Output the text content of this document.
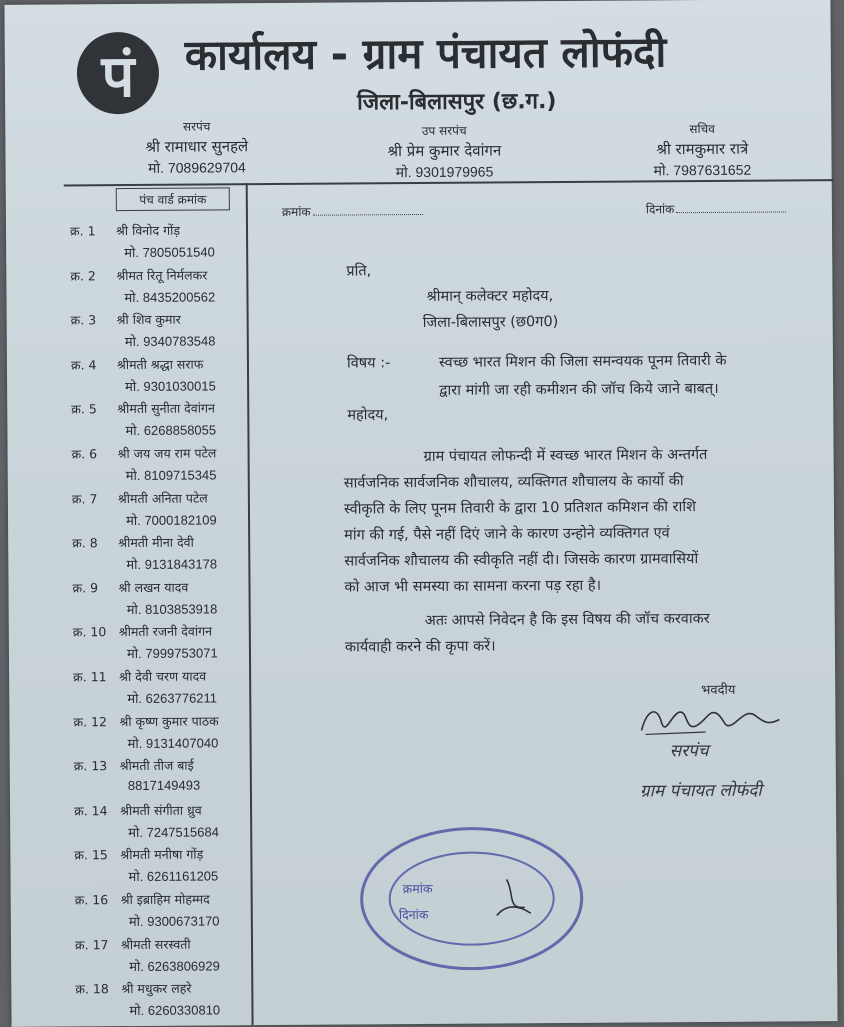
पं कार्यालय - ग्राम पंचायत लोफंदी
जिला-बिलासपुर (छ.ग.)
सरपंच
श्री रामाधार सुनहले
मो. 7089629704
उप सरपंच
श्री प्रेम कुमार देवांगन
मो. 9301979965
सचिव
श्री रामकुमार रात्रे
मो. 7987631652
पंच वार्ड क्रमांक
क्र. 1 श्री विनोद गोंड़
मो. 7805051540
क्र. 2 श्रीमत रितू निर्मलकर
मो. 8435200562
क्र. 3 श्री शिव कुमार
मो. 9340783548
क्र. 4 श्रीमती श्रद्धा सराफ
मो. 9301030015
क्र. 5 श्रीमती सुनीता देवांगन
मो. 6268858055
क्र. 6 श्री जय जय राम पटेल
मो. 8109715345
क्र. 7 श्रीमती अनिता पटेल
मो. 7000182109
क्र. 8 श्रीमती मीना देवी
मो. 9131843178
क्र. 9 श्री लखन यादव
मो. 8103853918
क्र. 10 श्रीमती रजनी देवांगन
मो. 7999753071
क्र. 11 श्री देवी चरण यादव
मो. 6263776211
क्र. 12 श्री कृष्ण कुमार पाठक
मो. 9131407040
क्र. 13 श्रीमती तीज बाई
8817149493
क्र. 14 श्रीमती संगीता ध्रुव
मो. 7247515684
क्र. 15 श्रीमती मनीषा गोंड़
मो. 6261161205
क्र. 16 श्री इब्राहिम मोहम्मद
मो. 9300673170
क्र. 17 श्रीमती सरस्वती
मो. 6263806929
क्र. 18 श्री मधुकर लहरे
मो. 6260330810
क्रमांक	दिनांक
प्रति,
श्रीमान् कलेक्टर महोदय,
जिला-बिलासपुर (छ0ग0)
विषय :-	स्वच्छ भारत मिशन की जिला समन्वयक पूनम तिवारी के
द्वारा मांगी जा रही कमीशन की जॉच किये जाने बाबत्।
महोदय,
ग्राम पंचायत लोफन्दी में स्वच्छ भारत मिशन के अन्तर्गत
सार्वजनिक सार्वजनिक शौचालय, व्यक्तिगत शौचालय के कार्यो की
स्वीकृति के लिए पूनम तिवारी के द्वारा 10 प्रतिशत कमिशन की राशि
मांग की गई, पैसे नहीं दिएं जाने के कारण उन्होने व्यक्तिगत एवं
सार्वजनिक शौचालय की स्वीकृति नहीं दी। जिसके कारण ग्रामवासियों
को आज भी समस्या का सामना करना पड़ रहा है।
अतः आपसे निवेदन है कि इस विषय की जॉच करवाकर
कार्यवाही करने की कृपा करें।
भवदीय
सरपंच
ग्राम पंचायत लोफंदी
क्रमांक
दिनांक
